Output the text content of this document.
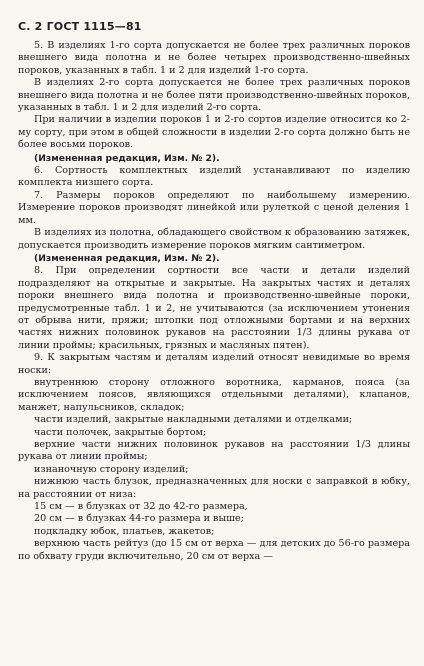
С. 2 ГОСТ 1115—81

5. В изделиях 1-го сорта допускается не более трех различных пороков внешнего вида полотна и не более четырех производственно-швейных пороков, указанных в табл. 1 и 2 для изделий 1-го сорта.

В изделиях 2-го сорта допускается не более трех различных пороков внешнего вида полотна и не более пяти производственно-швейных пороков, указанных в табл. 1 и 2 для изделий 2-го сорта.

При наличии в изделии пороков 1 и 2-го сортов изделие относится ко 2-му сорту, при этом в общей сложности в изделии 2-го сорта должно быть не более восьми пороков.

(Измененная редакция, Изм. № 2).

6. Сортность комплектных изделий устанавливают по изделию комплекта низшего сорта.

7. Размеры пороков определяют по наибольшему измерению. Измерение пороков производят линейкой или рулеткой с ценой деления 1 мм.

В изделиях из полотна, обладающего свойством к образованию затяжек, допускается производить измерение пороков мягким сантиметром.

(Измененная редакция, Изм. № 2).

8. При определении сортности все части и детали изделий подразделяют на открытые и закрытые. На закрытых частях и деталях пороки внешнего вида полотна и производственно-швейные пороки, предусмотренные табл. 1 и 2, не учитываются (за исключением утонения от обрыва нити, пряжи; штопки под отложными бортами и на верхних частях нижних половинок рукавов на расстоянии 1/3 длины рукава от линии проймы; красильных, грязных и масляных пятен).

9. К закрытым частям и деталям изделий относят невидимые во время носки:

внутреннюю сторону отложного воротника, карманов, пояса (за исключением поясов, являющихся отдельными деталями), клапанов, манжет, напульсников, складок;

части изделий, закрытые накладными деталями и отделками;

части полочек, закрытые бортом;

верхние части нижних половинок рукавов на расстоянии 1/3 длины рукава от линии проймы;

изнаночную сторону изделий;

нижнюю часть блузок, предназначенных для носки с заправкой в юбку, на расстоянии от низа:

15 см — в блузках от 32 до 42-го размера,

20 см — в блузках 44-го размера и выше;

подкладку юбок, платьев, жакетов;

верхнюю часть рейтуз (до 15 см от верха — для детских до 56-го размера по обхвату груди включительно, 20 см от верха —
